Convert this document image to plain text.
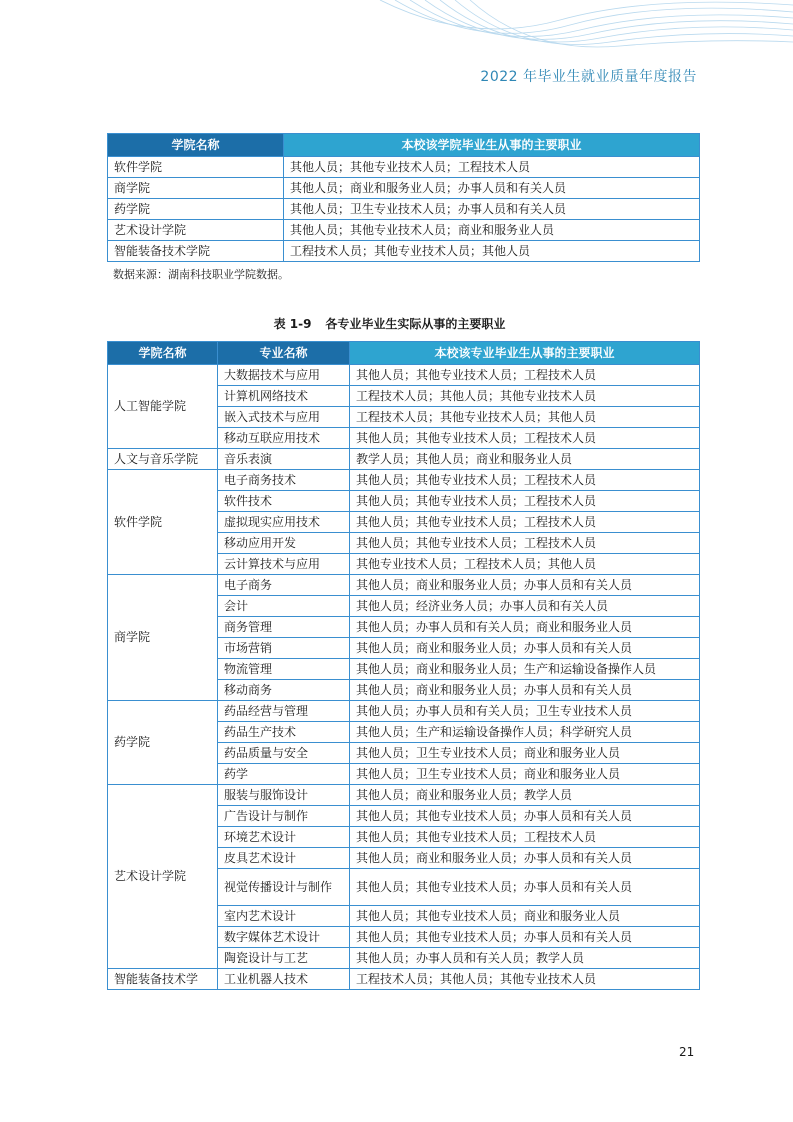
2022 年毕业生就业质量年度报告
学院名称	本校该学院毕业生从事的主要职业
软件学院	其他人员；其他专业技术人员；工程技术人员
商学院	其他人员；商业和服务业人员；办事人员和有关人员
药学院	其他人员；卫生专业技术人员；办事人员和有关人员
艺术设计学院	其他人员；其他专业技术人员；商业和服务业人员
智能装备技术学院	工程技术人员；其他专业技术人员；其他人员
数据来源：湖南科技职业学院数据。
表 1-9 各专业毕业生实际从事的主要职业
学院名称	专业名称	本校该专业毕业生从事的主要职业
人工智能学院	大数据技术与应用	其他人员；其他专业技术人员；工程技术人员
	计算机网络技术	工程技术人员；其他人员；其他专业技术人员
	嵌入式技术与应用	工程技术人员；其他专业技术人员；其他人员
	移动互联应用技术	其他人员；其他专业技术人员；工程技术人员
人文与音乐学院	音乐表演	教学人员；其他人员；商业和服务业人员
软件学院	电子商务技术	其他人员；其他专业技术人员；工程技术人员
	软件技术	其他人员；其他专业技术人员；工程技术人员
	虚拟现实应用技术	其他人员；其他专业技术人员；工程技术人员
	移动应用开发	其他人员；其他专业技术人员；工程技术人员
	云计算技术与应用	其他专业技术人员；工程技术人员；其他人员
商学院	电子商务	其他人员；商业和服务业人员；办事人员和有关人员
	会计	其他人员；经济业务人员；办事人员和有关人员
	商务管理	其他人员；办事人员和有关人员；商业和服务业人员
	市场营销	其他人员；商业和服务业人员；办事人员和有关人员
	物流管理	其他人员；商业和服务业人员；生产和运输设备操作人员
	移动商务	其他人员；商业和服务业人员；办事人员和有关人员
药学院	药品经营与管理	其他人员；办事人员和有关人员；卫生专业技术人员
	药品生产技术	其他人员；生产和运输设备操作人员；科学研究人员
	药品质量与安全	其他人员；卫生专业技术人员；商业和服务业人员
	药学	其他人员；卫生专业技术人员；商业和服务业人员
艺术设计学院	服装与服饰设计	其他人员；商业和服务业人员；教学人员
	广告设计与制作	其他人员；其他专业技术人员；办事人员和有关人员
	环境艺术设计	其他人员；其他专业技术人员；工程技术人员
	皮具艺术设计	其他人员；商业和服务业人员；办事人员和有关人员
	视觉传播设计与制作	其他人员；其他专业技术人员；办事人员和有关人员
	室内艺术设计	其他人员；其他专业技术人员；商业和服务业人员
	数字媒体艺术设计	其他人员；其他专业技术人员；办事人员和有关人员
	陶瓷设计与工艺	其他人员；办事人员和有关人员；教学人员
智能装备技术学	工业机器人技术	工程技术人员；其他人员；其他专业技术人员
21
